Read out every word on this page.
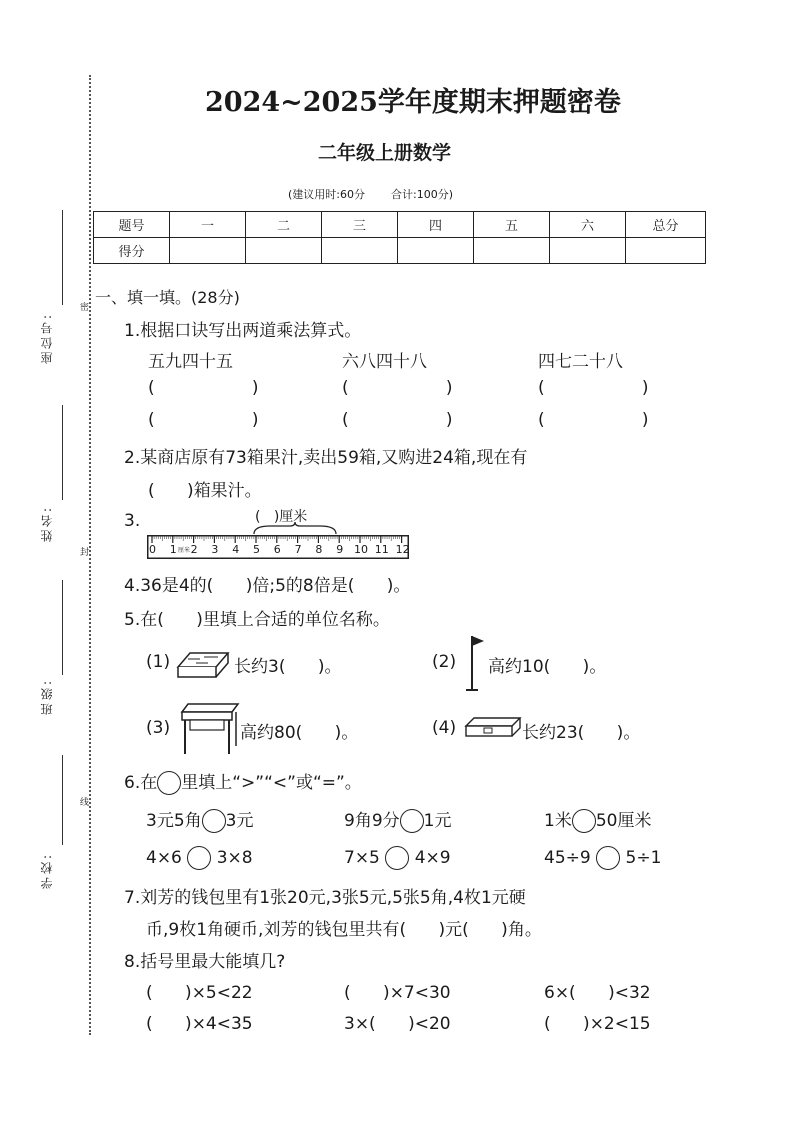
密
封
线
座位号:
姓名:
班级:
学校:
2024~2025学年度期末押题密卷
二年级上册数学
(建议用时:60分 合计:100分)
题号	一	二	三	四	五	六	总分
得分							
一、填一填。(28分)
1.根据口诀写出两道乘法算式。
五九四十五	六八四十八	四七二十八
(                  )	(                  )	(                  )
(                  )	(                  )	(                  )
2.某商店原有73箱果汁,卖出59箱,又购进24箱,现在有
(      )箱果汁。
3.	(   )厘米
0 1 2 3 4 5 6 7 8 9 10 11 12
厘米
4.36是4的(      )倍;5的8倍是(      )。
5.在(      )里填上合适的单位名称。
(1)	长约3(      )。	(2) 高约10(      )。
(3)	高约80(      )。	(4)	长约23(      )。
6.在 里填上“>”“<”或“=”。
3元5角 3元	9角9分 1元	1米 50厘米
4×6 3×8	7×5 4×9	45÷9 5÷1
7.刘芳的钱包里有1张20元,3张5元,5张5角,4枚1元硬
币,9枚1角硬币,刘芳的钱包里共有(      )元(      )角。
8.括号里最大能填几?
(      )×5<22	(      )×7<30	6×(      )<32
(      )×4<35	3×(      )<20	(      )×2<15
